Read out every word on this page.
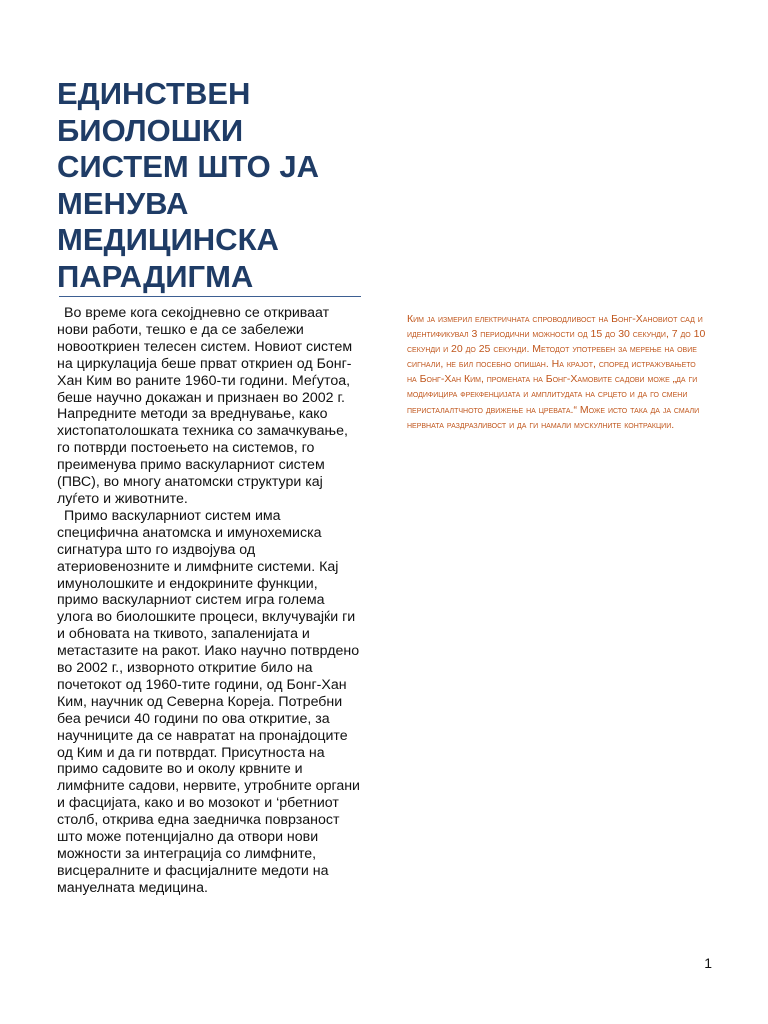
ЕДИНСТВЕН БИОЛОШКИ СИСТЕМ ШТО ЈА МЕНУВА МЕДИЦИНСКА ПАРАДИГМА

Во време кога секојдневно се откриваат нови работи, тешко е да се забележи новооткриен телесен систем. Новиот систем на циркулација беше прват откриен од Бонг-Хан Ким во раните 1960-ти години. Меѓутоа, беше научно докажан и признаен во 2002 г. Напредните методи за вреднување, како хистопатолошката техника со замачкување, го потврди постоењето на системов, го преименува примо васкуларниот систем (ПВС), во многу анатомски структури кај луѓето и животните.

Примо васкуларниот систем има специфична анатомска и имунохемиска сигнатура што го издвојува од атериовенозните и лимфните системи. Кај имунолошките и ендокрините функции, примо васкуларниот систем игра голема улога во биолошките процеси, вклучувајќи ги и обновата на ткивото, запаленијата и метастазите на ракот. Иако научно потврдено во 2002 г., изворното откритие било на почетокот од 1960-тите години, од Бонг-Хан Ким, научник од Северна Кореја. Потребни беа речиси 40 години по ова откритие, за научниците да се навратат на пронајдоците од Ким и да ги потврдат. Присутноста на примо садовите во и околу крвните и лимфните садови, нервите, утробните органи и фасцијата, како и во мозокот и ‘рбетниот столб, открива една заедничка поврзаност што може потенцијално да отвори нови можности за интеграција со лимфните, висцералните и фасцијалните медоти на мануелната медицина.

Ким ја измерил електричната спроводливост на Бонг-Хановиот сад и идентификувал 3 периодични можности од 15 до 30 секунди, 7 до 10 секунди и 20 до 25 секунди. Методот употребен за мерење на овие сигнали, не бил посебно опишан. На крајот, според истражувањето на Бонг-Хан Ким, промената на Бонг-Хамовите садови може „да ги модифицира фрекфенцијата и амплитудата на срцето и да го смени перисталалтчното движење на цревата.“ Може исто така да ја смали нервната раздразливост и да ги намали мускулните контракции.

1
